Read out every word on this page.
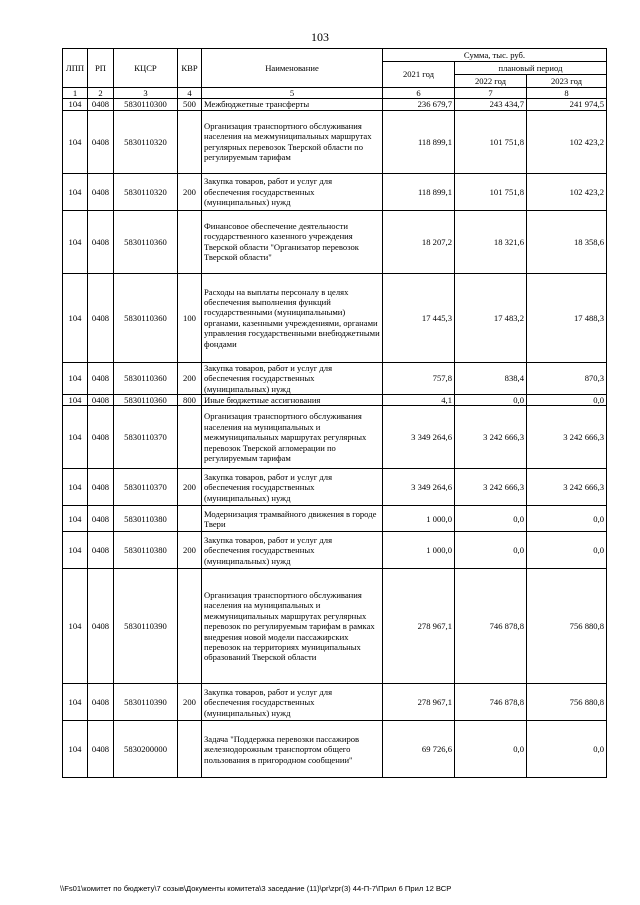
103
ЛПП	РП	КЦСР	КВР	Наименование	Сумма, тыс. руб.		
					2021 год	плановый период	
						2022 год	2023 год
1	2	3	4	5	6	7	8
104	0408	5830110300	500	Межбюджетные трансферты	236 679,7	243 434,7	241 974,5
104	0408	5830110320		Организация транспортного обслуживания населения на межмуниципальных маршрутах регулярных перевозок Тверской области по регулируемым тарифам	118 899,1	101 751,8	102 423,2
104	0408	5830110320	200	Закупка товаров, работ и услуг для обеспечения государственных (муниципальных) нужд	118 899,1	101 751,8	102 423,2
104	0408	5830110360		Финансовое обеспечение деятельности государственного казенного учреждения Тверской области "Организатор перевозок Тверской области"	18 207,2	18 321,6	18 358,6
104	0408	5830110360	100	Расходы на выплаты персоналу в целях обеспечения выполнения функций государственными (муниципальными) органами, казенными учреждениями, органами управления государственными внебюджетными фондами	17 445,3	17 483,2	17 488,3
104	0408	5830110360	200	Закупка товаров, работ и услуг для обеспечения государственных (муниципальных) нужд	757,8	838,4	870,3
104	0408	5830110360	800	Иные бюджетные ассигнования	4,1	0,0	0,0
104	0408	5830110370		Организация транспортного обслуживания населения на муниципальных и межмуниципальных маршрутах регулярных перевозок Тверской агломерации по регулируемым тарифам	3 349 264,6	3 242 666,3	3 242 666,3
104	0408	5830110370	200	Закупка товаров, работ и услуг для обеспечения государственных (муниципальных) нужд	3 349 264,6	3 242 666,3	3 242 666,3
104	0408	5830110380		Модернизация трамвайного движения в городе Твери	1 000,0	0,0	0,0
104	0408	5830110380	200	Закупка товаров, работ и услуг для обеспечения государственных (муниципальных) нужд	1 000,0	0,0	0,0
104	0408	5830110390		Организация транспортного обслуживания населения на муниципальных и межмуниципальных маршрутах регулярных перевозок по регулируемым тарифам в рамках внедрения новой модели пассажирских перевозок на территориях муниципальных образований Тверской области	278 967,1	746 878,8	756 880,8
104	0408	5830110390	200	Закупка товаров, работ и услуг для обеспечения государственных (муниципальных) нужд	278 967,1	746 878,8	756 880,8
104	0408	5830200000		Задача "Поддержка перевозки пассажиров железнодорожным транспортом общего пользования в пригородном сообщении"	69 726,6	0,0	0,0
\\Fs01\комитет по бюджету\7 созыв\Документы комитета\3 заседание (11)\рг\zpr(3) 44-П-7\Прил 6 Прил 12 ВСР
